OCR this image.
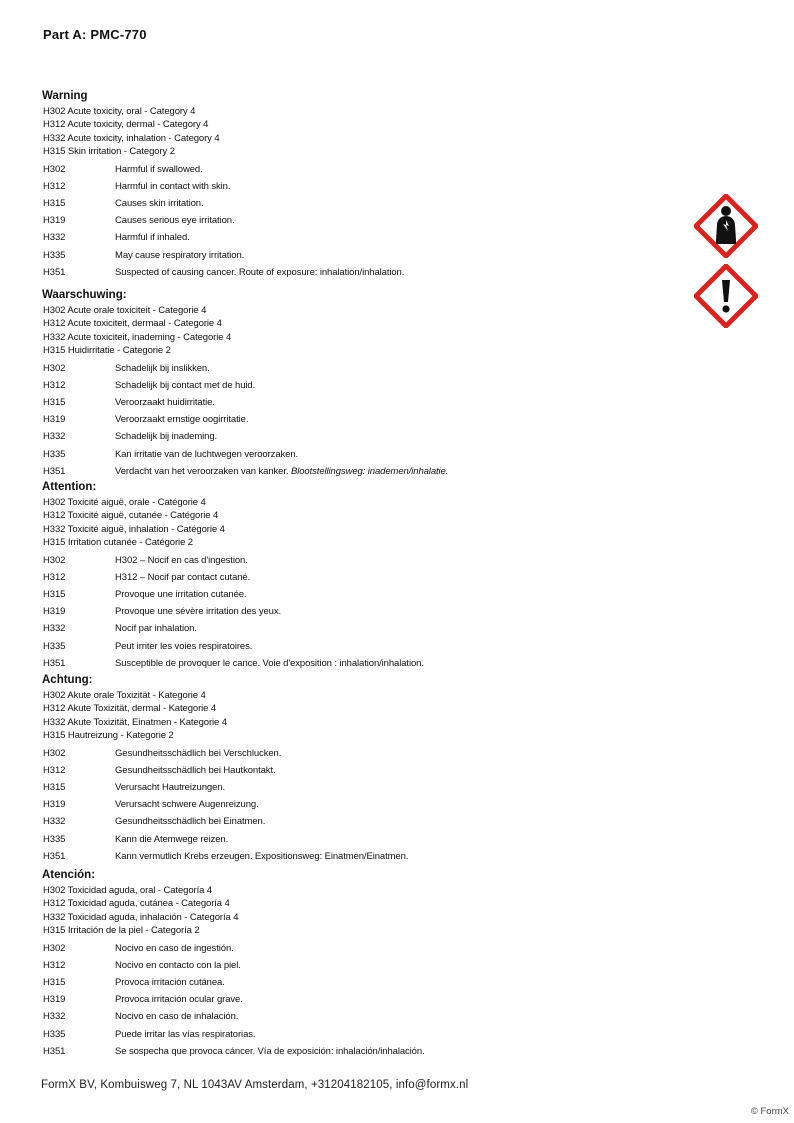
Part A: PMC-770
Warning
H302 Acute toxicity, oral - Category 4
H312 Acute toxicity, dermal - Category 4
H332 Acute toxicity, inhalation - Category 4
H315 Skin irritation - Category 2
H302	Harmful if swallowed.
H312	Harmful in contact with skin.
H315	Causes skin irritation.
H319	Causes serious eye irritation.
H332	Harmful if inhaled.
H335	May cause respiratory irritation.
H351	Suspected of causing cancer. Route of exposure: inhalation/inhalation.
Waarschuwing:
H302 Acute orale toxiciteit - Categorie 4
H312 Acute toxiciteit, dermaal - Categorie 4
H332 Acute toxiciteit, inademing - Categorie 4
H315 Huidirritatie - Categorie 2
H302	Schadelijk bij inslikken.
H312	Schadelijk bij contact met de huid.
H315	Veroorzaakt huidirritatie.
H319	Veroorzaakt ernstige oogirritatie.
H332	Schadelijk bij inademing.
H335	Kan irritatie van de luchtwegen veroorzaken.
H351	Verdacht van het veroorzaken van kanker. Blootstellingsweg: inademen/inhalatie.
Attention:
H302 Toxicité aiguë, orale - Catégorie 4
H312 Toxicité aiguë, cutanée - Catégorie 4
H332 Toxicité aiguë, inhalation - Catégorie 4
H315 Irritation cutanée - Catégorie 2
H302	H302 – Nocif en cas d'ingestion.
H312	H312 – Nocif par contact cutané.
H315	Provoque une irritation cutanée.
H319	Provoque une sévère irritation des yeux.
H332	Nocif par inhalation.
H335	Peut irriter les voies respiratoires.
H351	Susceptible de provoquer le cance. Voie d'exposition : inhalation/inhalation.
Achtung:
H302 Akute orale Toxizität - Kategorie 4
H312 Akute Toxizität, dermal - Kategorie 4
H332 Akute Toxizität, Einatmen - Kategorie 4
H315 Hautreizung - Kategorie 2
H302	Gesundheitsschädlich bei Verschlucken.
H312	Gesundheitsschädlich bei Hautkontakt.
H315	Verursacht Hautreizungen.
H319	Verursacht schwere Augenreizung.
H332	Gesundheitsschädlich bei Einatmen.
H335	Kann die Atemwege reizen.
H351	Kann vermutlich Krebs erzeugen. Expositionsweg: Einatmen/Einatmen.
Atención:
H302 Toxicidad aguda, oral - Categoría 4
H312 Toxicidad aguda, cutánea - Categoría 4
H332 Toxicidad aguda, inhalación - Categoría 4
H315 Irritación de la piel - Categoría 2
H302	Nocivo en caso de ingestión.
H312	Nocivo en contacto con la piel.
H315	Provoca irritación cutánea.
H319	Provoca irritación ocular grave.
H332	Nocivo en caso de inhalación.
H335	Puede irritar las vías respiratorias.
H351	Se sospecha que provoca cáncer. Vía de exposición: inhalación/inhalación.
FormX BV, Kombuisweg 7, NL 1043AV Amsterdam, +31204182105, info@formx.nl
© FormX
